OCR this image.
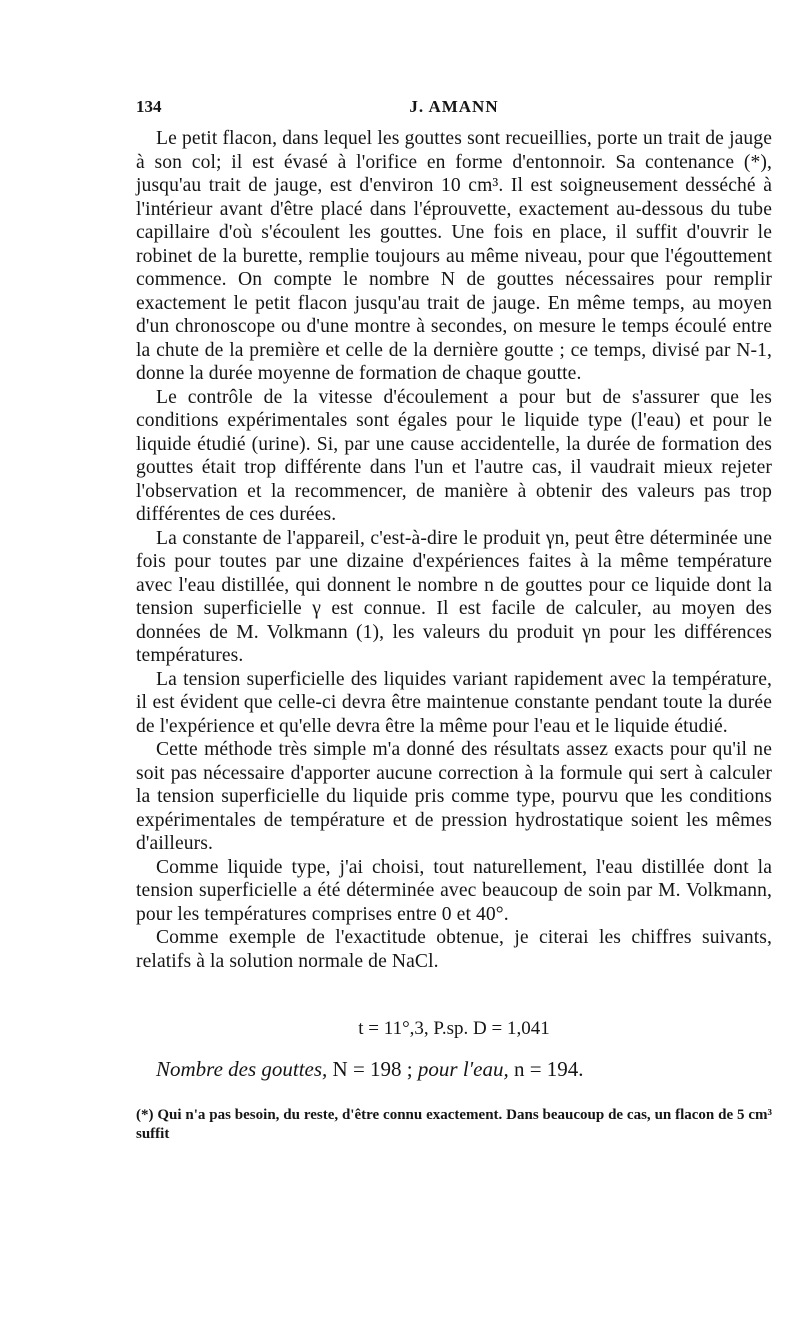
134	J. AMANN

Le petit flacon, dans lequel les gouttes sont recueillies, porte un trait de jauge à son col; il est évasé à l'orifice en forme d'entonnoir. Sa contenance (*), jusqu'au trait de jauge, est d'environ 10 cm³. Il est soigneusement desséché à l'intérieur avant d'être placé dans l'éprouvette, exactement au-dessous du tube capillaire d'où s'écoulent les gouttes. Une fois en place, il suffit d'ouvrir le robinet de la burette, remplie toujours au même niveau, pour que l'égouttement commence. On compte le nombre N de gouttes nécessaires pour remplir exactement le petit flacon jusqu'au trait de jauge. En même temps, au moyen d'un chronoscope ou d'une montre à secondes, on mesure le temps écoulé entre la chute de la première et celle de la dernière goutte ; ce temps, divisé par N-1, donne la durée moyenne de formation de chaque goutte.

Le contrôle de la vitesse d'écoulement a pour but de s'assurer que les conditions expérimentales sont égales pour le liquide type (l'eau) et pour le liquide étudié (urine). Si, par une cause accidentelle, la durée de formation des gouttes était trop différente dans l'un et l'autre cas, il vaudrait mieux rejeter l'observation et la recommencer, de manière à obtenir des valeurs pas trop différentes de ces durées.

La constante de l'appareil, c'est-à-dire le produit γn, peut être déterminée une fois pour toutes par une dizaine d'expériences faites à la même température avec l'eau distillée, qui donnent le nombre n de gouttes pour ce liquide dont la tension superficielle γ est connue. Il est facile de calculer, au moyen des données de M. Volkmann (1), les valeurs du produit γn pour les différences températures.

La tension superficielle des liquides variant rapidement avec la température, il est évident que celle-ci devra être maintenue constante pendant toute la durée de l'expérience et qu'elle devra être la même pour l'eau et le liquide étudié.

Cette méthode très simple m'a donné des résultats assez exacts pour qu'il ne soit pas nécessaire d'apporter aucune correction à la formule qui sert à calculer la tension superficielle du liquide pris comme type, pourvu que les conditions expérimentales de température et de pression hydrostatique soient les mêmes d'ailleurs.

Comme liquide type, j'ai choisi, tout naturellement, l'eau distillée dont la tension superficielle a été déterminée avec beaucoup de soin par M. Volkmann, pour les températures comprises entre 0 et 40°.

Comme exemple de l'exactitude obtenue, je citerai les chiffres suivants, relatifs à la solution normale de NaCl.

t = 11°,3, P.sp. D = 1,041
Nombre des gouttes, N = 198 ; pour l'eau, n = 194.
(*) Qui n'a pas besoin, du reste, d'être connu exactement. Dans beaucoup de cas, un flacon de 5 cm³ suffit
